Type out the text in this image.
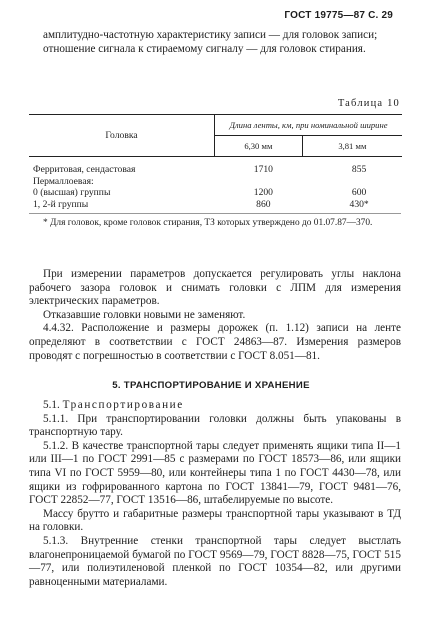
ГОСТ 19775—87 С. 29

амплитудно-частотную характеристику записи — для головок записи;

отношение сигнала к стираемому сигналу — для головок стирания.

Таблица 10
Головка	Длина ленты, км, при номинальной ширине	
	6,30 мм	3,81 мм

Ферритовая, сендастовая	1710	855
Пермаллоевая:		
0 (высшая) группы	1200	600
1, 2-й группы	860	430*

* Для головок, кроме головок стирания, ТЗ которых утверждено до 01.07.87—370.

При измерении параметров допускается регулировать углы наклона рабочего зазора головок и снимать головки с ЛПМ для измерения электрических параметров.

Отказавшие головки новыми не заменяют.

4.4.32. Расположение и размеры дорожек (п. 1.12) записи на ленте определяют в соответствии с ГОСТ 24863—87. Измерения размеров проводят с погрешностью в соответствии с ГОСТ 8.051—81.

5. ТРАНСПОРТИРОВАНИЕ И ХРАНЕНИЕ

5.1. Транспортирование

5.1.1. При транспортировании головки должны быть упакованы в транспортную тару.

5.1.2. В качестве транспортной тары следует применять ящики типа II—1 или III—1 по ГОСТ 2991—85 с размерами по ГОСТ 18573—86, или ящики типа VI по ГОСТ 5959—80, или контейнеры типа 1 по ГОСТ 4430—78, или ящики из гофрированного картона по ГОСТ 13841—79, ГОСТ 9481—76, ГОСТ 22852—77, ГОСТ 13516—86, штабелируемые по высоте.

Массу брутто и габаритные размеры транспортной тары указывают в ТД на головки.

5.1.3. Внутренние стенки транспортной тары следует выстлать влагонепроницаемой бумагой по ГОСТ 9569—79, ГОСТ 8828—75, ГОСТ 515—77, или полиэтиленовой пленкой по ГОСТ 10354—82, или другими равноценными материалами.
